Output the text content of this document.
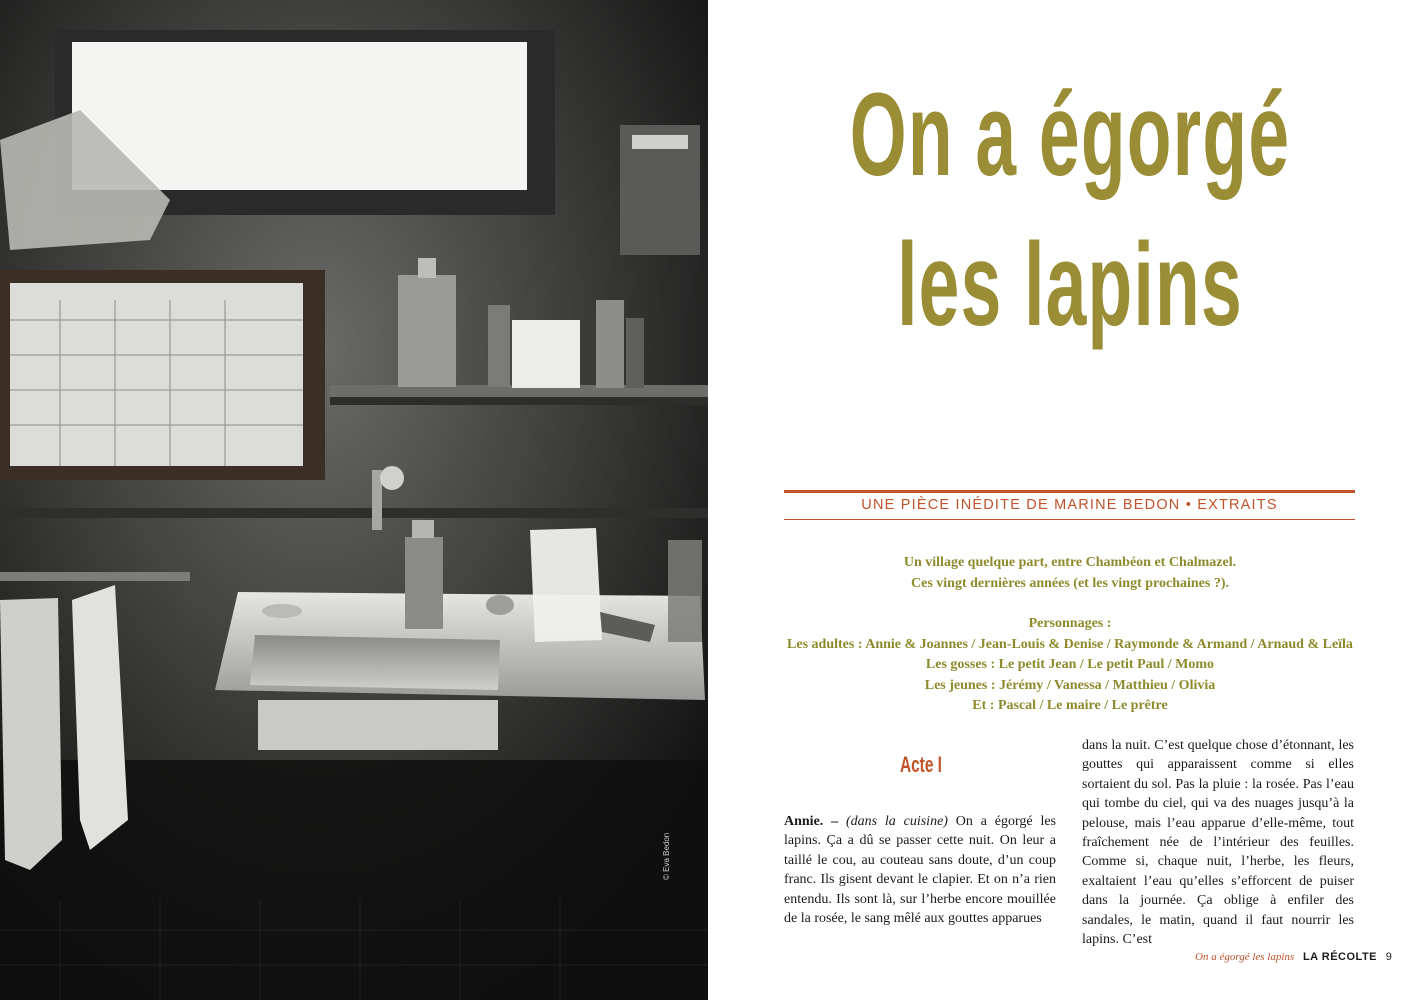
© Eva Bedon
On a égorgé
les lapins
UNE PIÈCE INÉDITE DE MARINE BEDON • EXTRAITS

Un village quelque part, entre Chambéon et Chalmazel.

Ces vingt dernières années (et les vingt prochaines ?).

Personnages :

Les adultes : Annie & Joannes / Jean-Louis & Denise / Raymonde & Armand / Arnaud & Leïla

Les gosses : Le petit Jean / Le petit Paul / Momo

Les jeunes : Jérémy / Vanessa / Matthieu / Olivia

Et : Pascal / Le maire / Le prêtre

Acte I

Annie. – (dans la cuisine) On a égorgé les lapins. Ça a dû se passer cette nuit. On leur a taillé le cou, au couteau sans doute, d’un coup franc. Ils gisent devant le clapier. Et on n’a rien entendu. Ils sont là, sur l’herbe encore mouillée de la rosée, le sang mêlé aux gouttes apparues

dans la nuit. C’est quelque chose d’étonnant, les gouttes qui apparaissent comme si elles sortaient du sol. Pas la pluie : la rosée. Pas l’eau qui tombe du ciel, qui va des nuages jusqu’à la pelouse, mais l’eau apparue d’elle-même, tout fraîchement née de l’intérieur des feuilles. Comme si, chaque nuit, l’herbe, les fleurs, exaltaient l’eau qu’elles s’efforcent de puiser dans la journée. Ça oblige à enfiler des sandales, le matin, quand il faut nourrir les lapins. C’est

On a égorgé les lapins LA RÉCOLTE 9
